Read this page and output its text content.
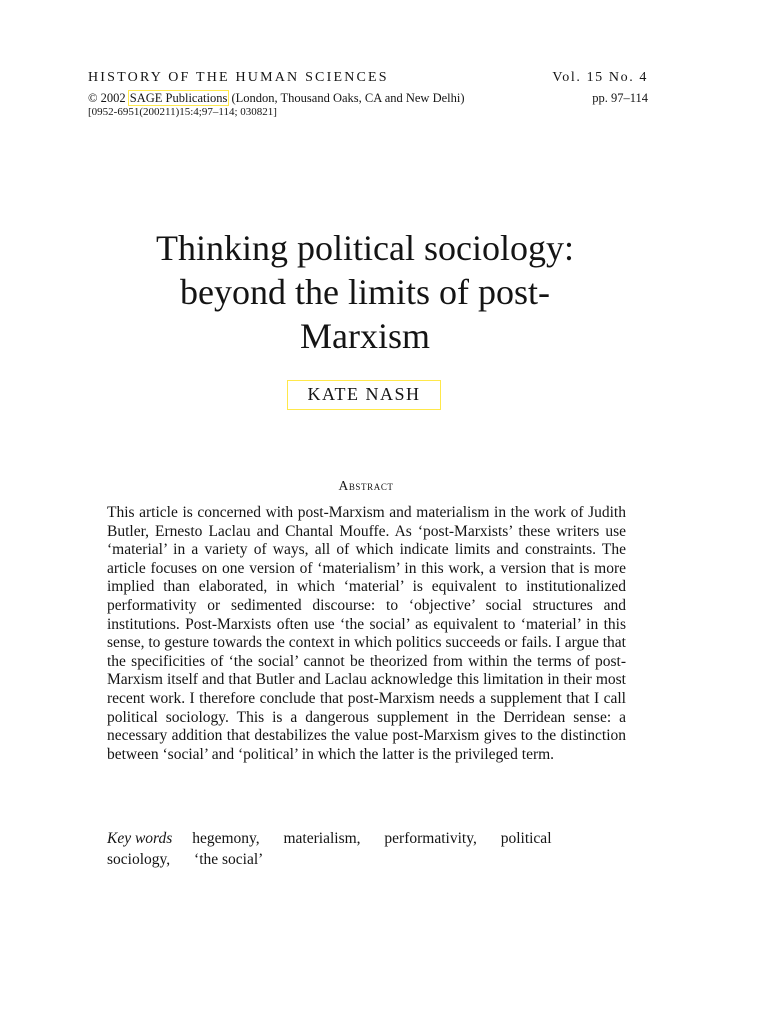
HISTORY OF THE HUMAN SCIENCES	Vol. 15 No. 4
© 2002 SAGE Publications (London, Thousand Oaks, CA and New Delhi)	pp. 97–114
[0952-6951(200211)15:4;97–114; 030821]
Thinking political sociology:
beyond the limits of post-
Marxism
KATE NASH
Abstract

This article is concerned with post-Marxism and materialism in the work of Judith Butler, Ernesto Laclau and Chantal Mouffe. As ‘post-Marxists’ these writers use ‘material’ in a variety of ways, all of which indicate limits and constraints. The article focuses on one version of ‘materialism’ in this work, a version that is more implied than elaborated, in which ‘material’ is equivalent to institutionalized performativity or sedimented discourse: to ‘objective’ social structures and institutions. Post-Marxists often use ‘the social’ as equivalent to ‘material’ in this sense, to gesture towards the context in which politics succeeds or fails. I argue that the specificities of ‘the social’ cannot be theorized from within the terms of post-Marxism itself and that Butler and Laclau acknowledge this limitation in their most recent work. I therefore conclude that post-Marxism needs a supplement that I call political sociology. This is a dangerous supplement in the Derridean sense: a necessary addition that destabilizes the value post-Marxism gives to the distinction between ‘social’ and ‘political’ in which the latter is the privileged term.

Key words hegemony, materialism, performativity, political sociology, ‘the social’
